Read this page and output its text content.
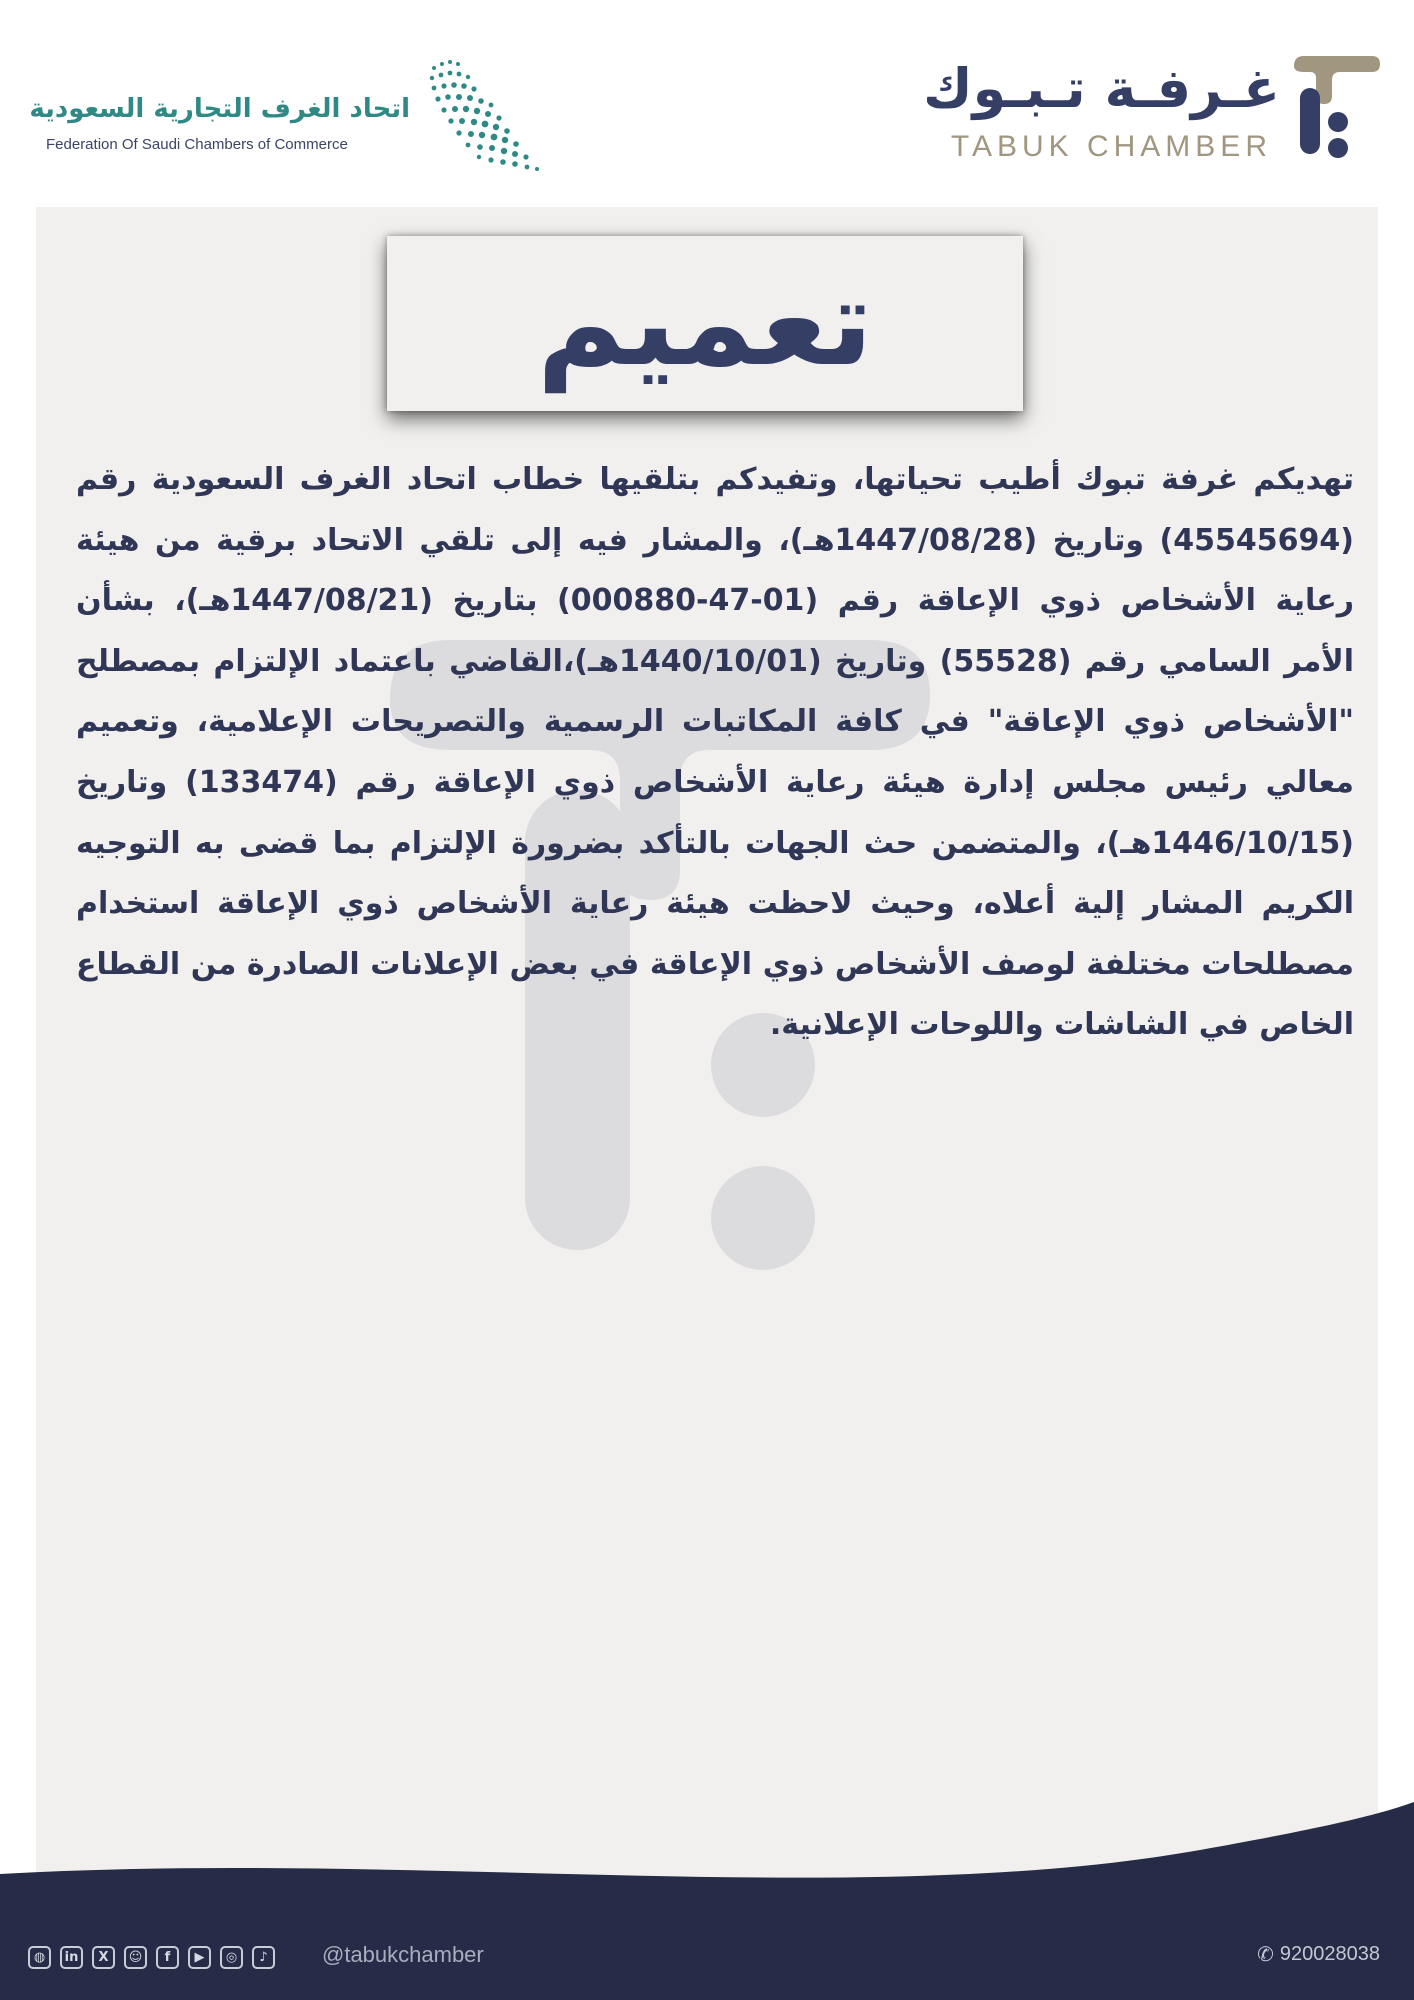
اتحاد الغرف التجارية السعودية
Federation Of Saudi Chambers of Commerce
غـرفـة تـبـوك
TABUK CHAMBER
تعميم
تهديكم غرفة تبوك أطيب تحياتها، وتفيدكم بتلقيها خطاب اتحاد الغرف السعودية رقم (45545694) وتاريخ (1447/08/28هـ)، والمشار فيه إلى تلقي الاتحاد برقية من هيئة رعاية الأشخاص ذوي الإعاقة رقم (01-47-000880) بتاريخ (1447/08/21هـ)، بشأن الأمر السامي رقم (55528) وتاريخ (1440/10/01هـ)،القاضي باعتماد الإلتزام بمصطلح "الأشخاص ذوي الإعاقة" في كافة المكاتبات الرسمية والتصريحات الإعلامية، وتعميم معالي رئيس مجلس إدارة هيئة رعاية الأشخاص ذوي الإعاقة رقم (133474) وتاريخ (1446/10/15هـ)، والمتضمن حث الجهات بالتأكد بضرورة الإلتزام بما قضى به التوجيه الكريم المشار إلية أعلاه، وحيث لاحظت هيئة رعاية الأشخاص ذوي الإعاقة استخدام مصطلحات مختلفة لوصف الأشخاص ذوي الإعاقة في بعض الإعلانات الصادرة من القطاع الخاص في الشاشات واللوحات الإعلانية.
◍	in	X	☺	f	▶	◎	♪	@tabukchamber	✆ 920028038
